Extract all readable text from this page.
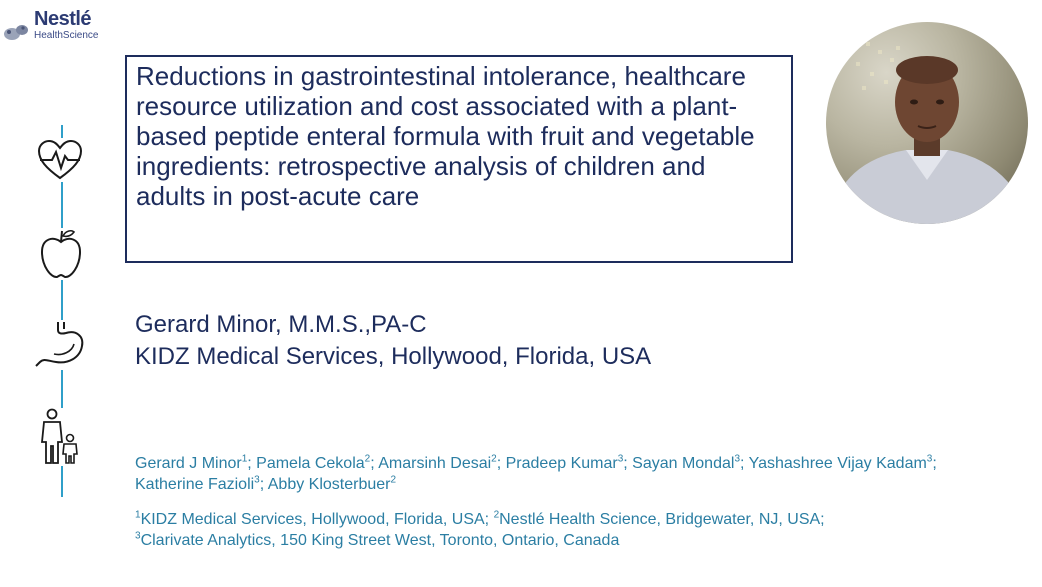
Nestlé
HealthScience
Reductions in gastrointestinal intolerance, healthcare resource utilization and cost associated with a plant-based peptide enteral formula with fruit and vegetable ingredients: retrospective analysis of children and adults in post-acute care
Gerard Minor, M.M.S.,PA-C
KIDZ Medical Services, Hollywood, Florida, USA
Gerard J Minor$^1$; Pamela Cekola$^2$; Amarsinh Desai$^2$; Pradeep Kumar$^3$; Sayan Mondal$^3$; Yashashree Vijay Kadam$^3$; Katherine Fazioli$^3$; Abby Klosterbuer$^2$
$^1$KIDZ Medical Services, Hollywood, Florida, USA; $^2$Nestlé Health Science, Bridgewater, NJ, USA;
$^3$Clarivate Analytics, 150 King Street West, Toronto, Ontario, Canada
